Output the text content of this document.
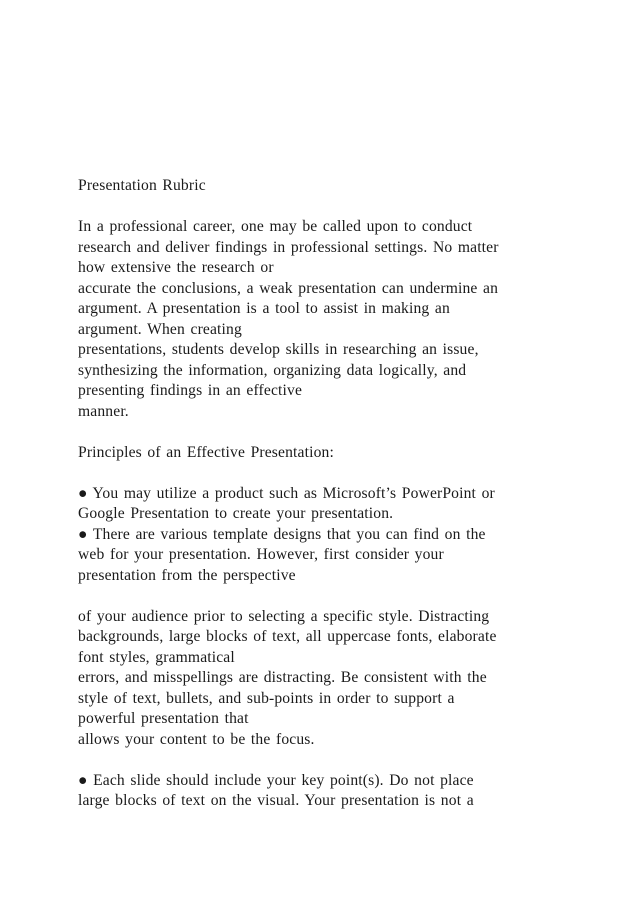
Presentation Rubric
In a professional career, one may be called upon to conduct
research and deliver findings in professional settings. No matter
how extensive the research or
accurate the conclusions, a weak presentation can undermine an
argument. A presentation is a tool to assist in making an
argument. When creating
presentations, students develop skills in researching an issue,
synthesizing the information, organizing data logically, and
presenting findings in an effective
manner.
Principles of an Effective Presentation:
● You may utilize a product such as Microsoft’s PowerPoint or
Google Presentation to create your presentation.
● There are various template designs that you can find on the
web for your presentation. However, first consider your
presentation from the perspective
of your audience prior to selecting a specific style. Distracting
backgrounds, large blocks of text, all uppercase fonts, elaborate
font styles, grammatical
errors, and misspellings are distracting. Be consistent with the
style of text, bullets, and sub-points in order to support a
powerful presentation that
allows your content to be the focus.
● Each slide should include your key point(s). Do not place
large blocks of text on the visual. Your presentation is not a
